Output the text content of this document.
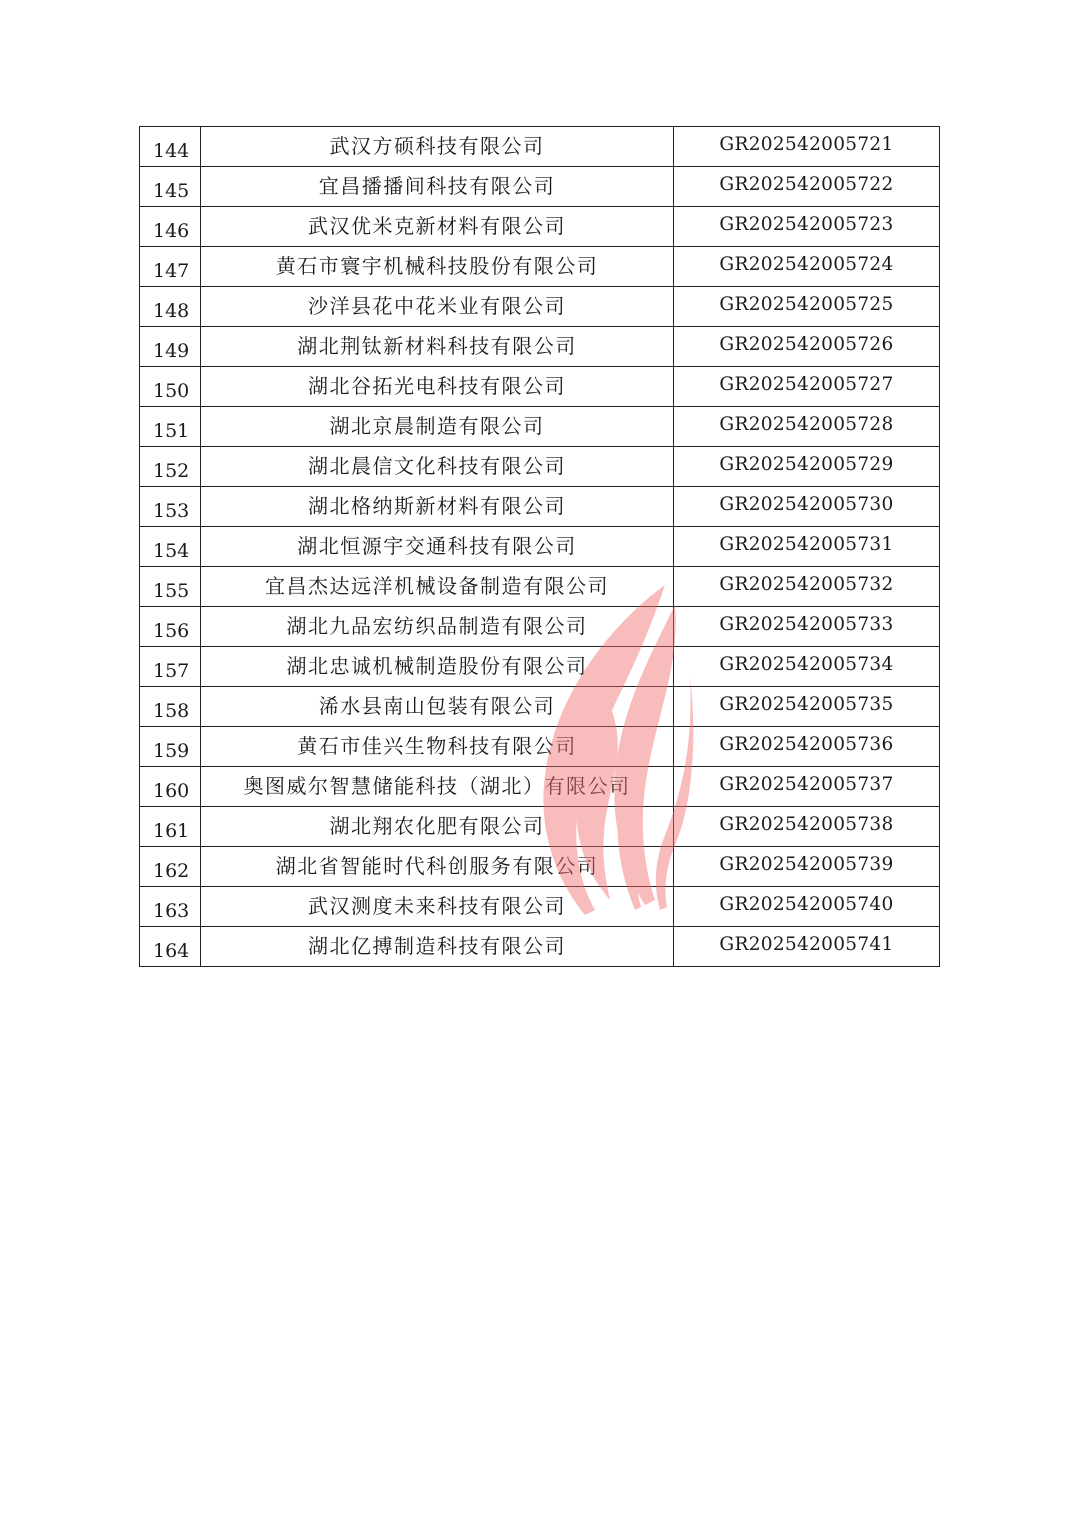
144	武汉方硕科技有限公司	GR202542005721
145	宜昌播播间科技有限公司	GR202542005722
146	武汉优米克新材料有限公司	GR202542005723
147	黄石市寰宇机械科技股份有限公司	GR202542005724
148	沙洋县花中花米业有限公司	GR202542005725
149	湖北荆钛新材料科技有限公司	GR202542005726
150	湖北谷拓光电科技有限公司	GR202542005727
151	湖北京晨制造有限公司	GR202542005728
152	湖北晨信文化科技有限公司	GR202542005729
153	湖北格纳斯新材料有限公司	GR202542005730
154	湖北恒源宇交通科技有限公司	GR202542005731
155	宜昌杰达远洋机械设备制造有限公司	GR202542005732
156	湖北九品宏纺织品制造有限公司	GR202542005733
157	湖北忠诚机械制造股份有限公司	GR202542005734
158	浠水县南山包装有限公司	GR202542005735
159	黄石市佳兴生物科技有限公司	GR202542005736
160	奥图威尔智慧储能科技（湖北）有限公司	GR202542005737
161	湖北翔农化肥有限公司	GR202542005738
162	湖北省智能时代科创服务有限公司	GR202542005739
163	武汉测度未来科技有限公司	GR202542005740
164	湖北亿搏制造科技有限公司	GR202542005741
